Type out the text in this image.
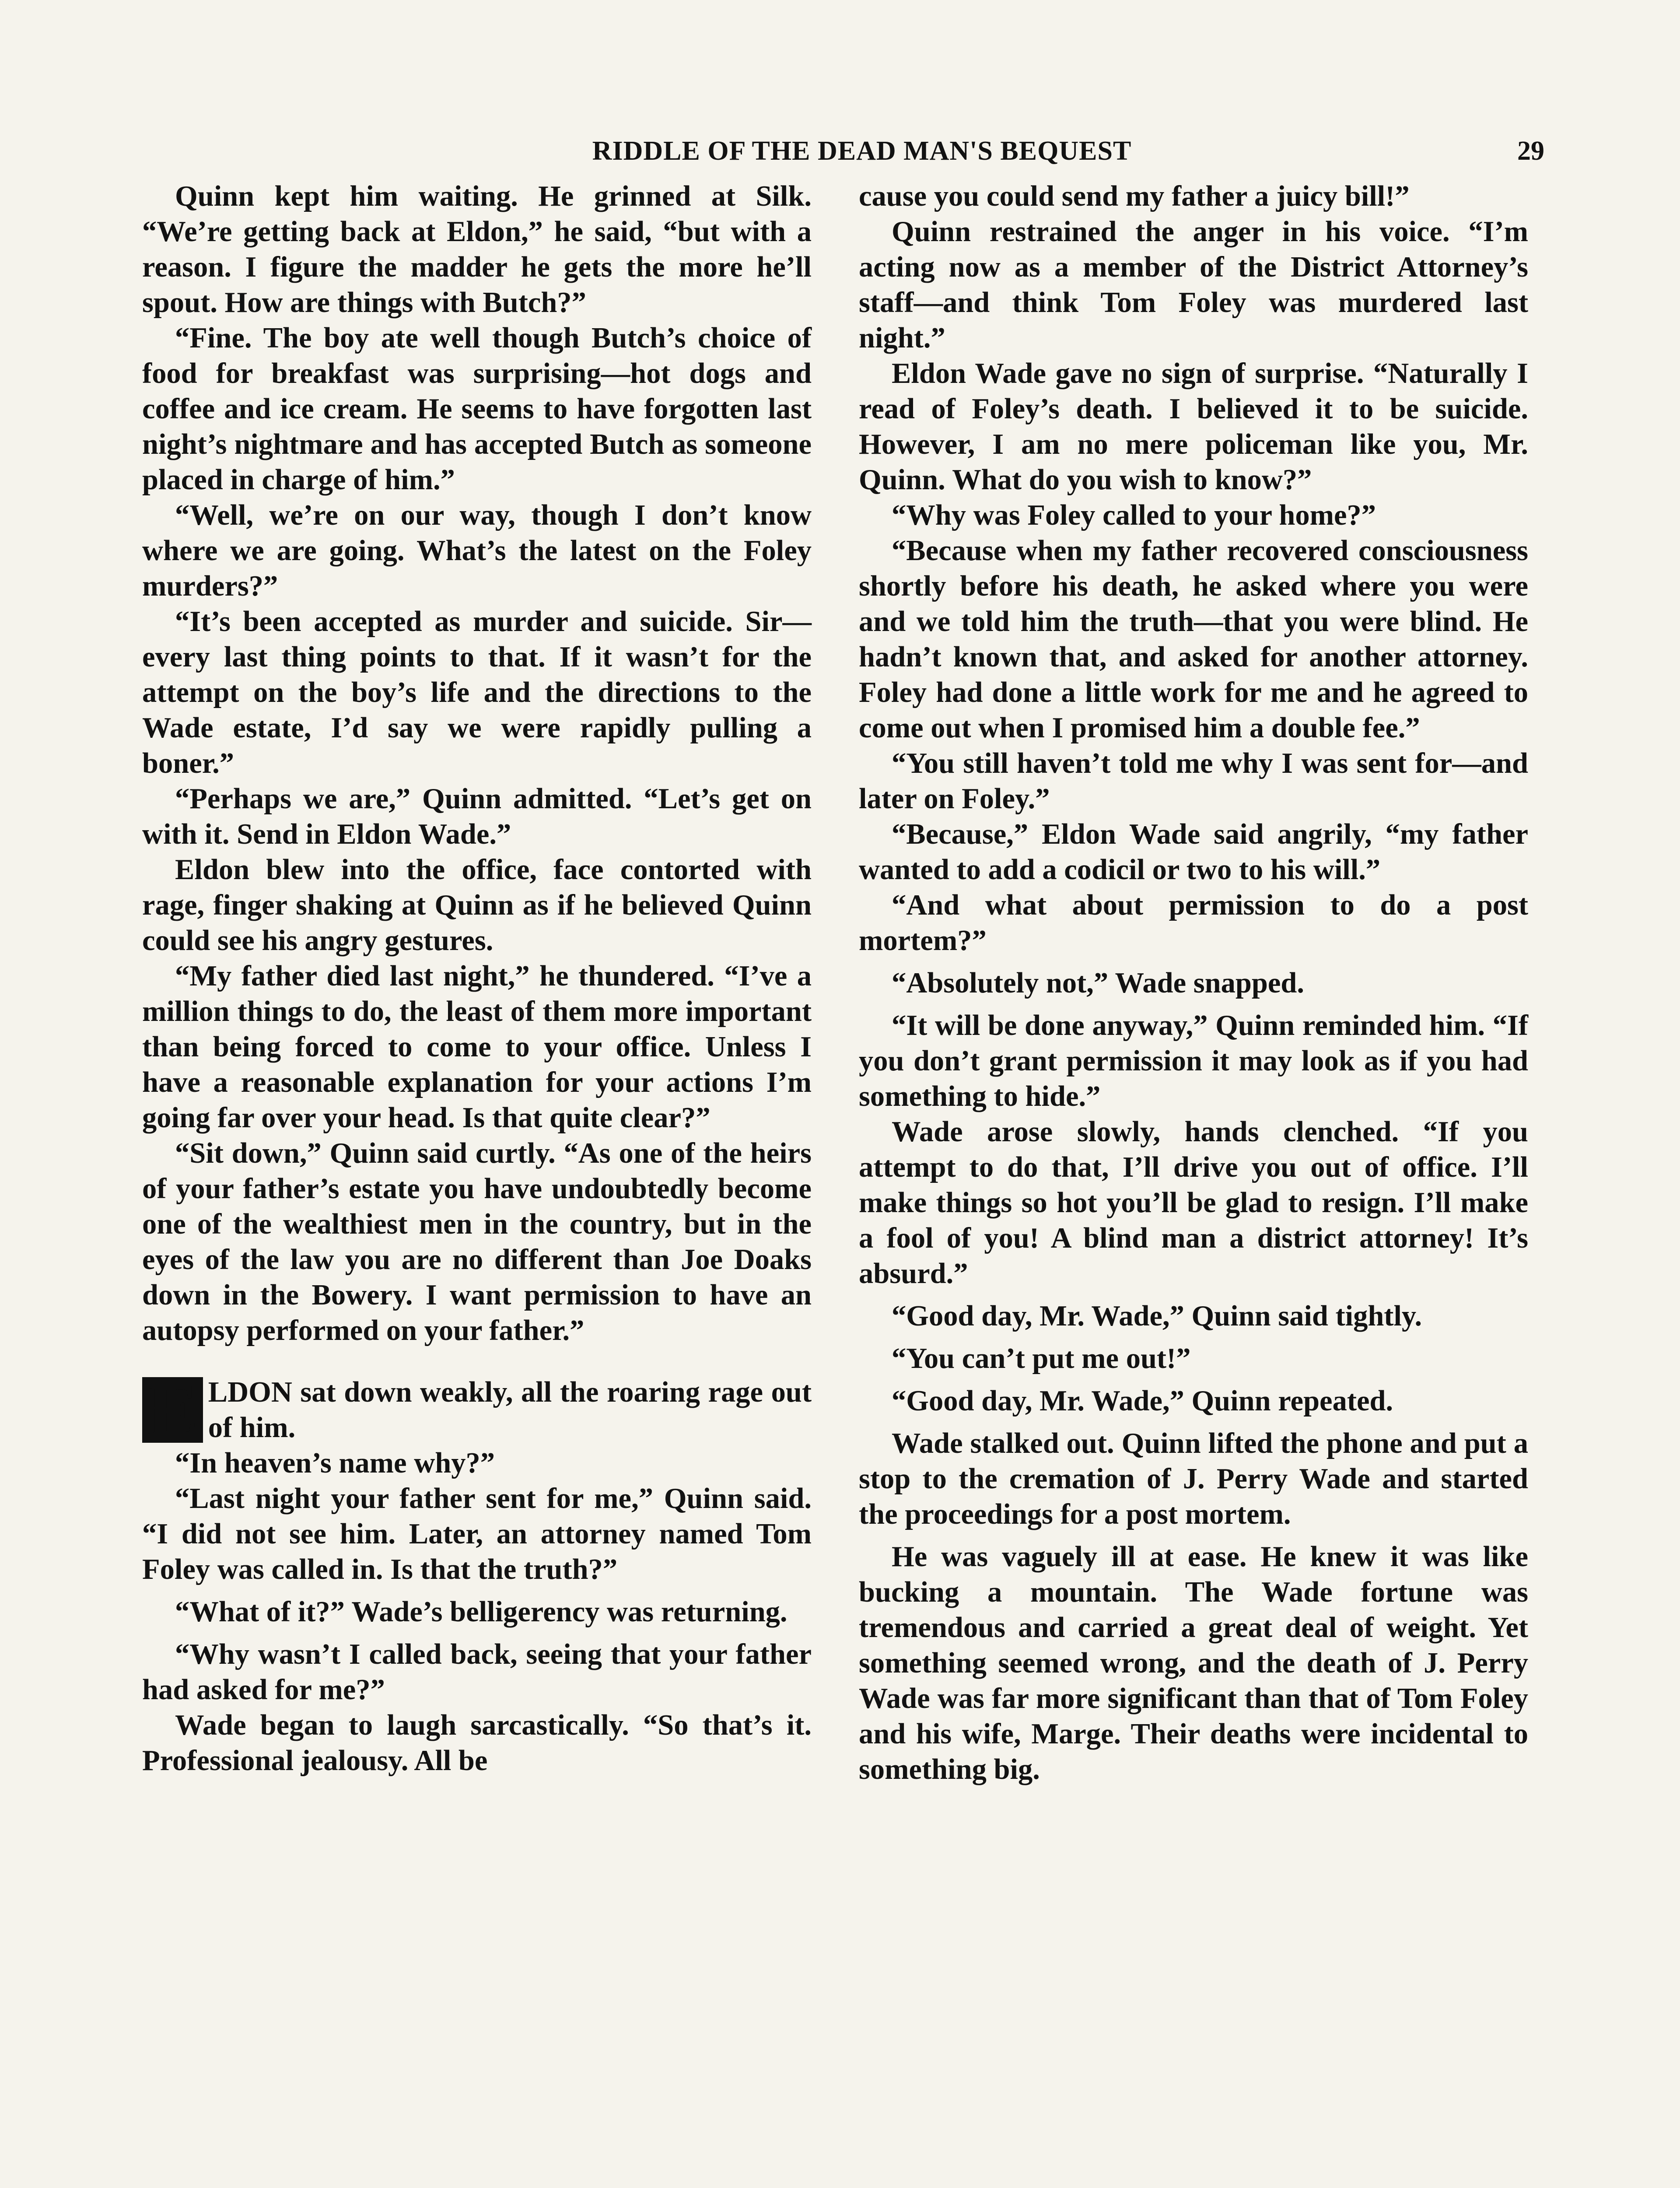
RIDDLE OF THE DEAD MAN'S BEQUEST	29

Quinn kept him waiting. He grinned at Silk. “We’re getting back at Eldon,” he said, “but with a reason. I figure the madder he gets the more he’ll spout. How are things with Butch?”

“Fine. The boy ate well though Butch’s choice of food for breakfast was surprising—hot dogs and coffee and ice cream. He seems to have forgotten last night’s nightmare and has accepted Butch as someone placed in charge of him.”

“Well, we’re on our way, though I don’t know where we are going. What’s the latest on the Foley murders?”

“It’s been accepted as murder and suicide. Sir—every last thing points to that. If it wasn’t for the attempt on the boy’s life and the directions to the Wade estate, I’d say we were rapidly pulling a boner.”

“Perhaps we are,” Quinn admitted. “Let’s get on with it. Send in Eldon Wade.”

Eldon blew into the office, face contorted with rage, finger shaking at Quinn as if he believed Quinn could see his angry gestures.

“My father died last night,” he thundered. “I’ve a million things to do, the least of them more important than being forced to come to your office. Unless I have a reasonable explanation for your actions I’m going far over your head. Is that quite clear?”

“Sit down,” Quinn said curtly. “As one of the heirs of your father’s estate you have undoubtedly become one of the wealthiest men in the country, but in the eyes of the law you are no different than Joe Doaks down in the Bowery. I want permission to have an autopsy performed on your father.”

ELDON sat down weakly, all the roaring rage out of him.

“In heaven’s name why?”

“Last night your father sent for me,” Quinn said. “I did not see him. Later, an attorney named Tom Foley was called in. Is that the truth?”

“What of it?” Wade’s belligerency was returning.

“Why wasn’t I called back, seeing that your father had asked for me?”

Wade began to laugh sarcastically. “So that’s it. Professional jealousy. All be

cause you could send my father a juicy bill!”

Quinn restrained the anger in his voice. “I’m acting now as a member of the District Attorney’s staff—and think Tom Foley was murdered last night.”

Eldon Wade gave no sign of surprise. “Naturally I read of Foley’s death. I believed it to be suicide. However, I am no mere policeman like you, Mr. Quinn. What do you wish to know?”

“Why was Foley called to your home?”

“Because when my father recovered consciousness shortly before his death, he asked where you were and we told him the truth—that you were blind. He hadn’t known that, and asked for another attorney. Foley had done a little work for me and he agreed to come out when I promised him a double fee.”

“You still haven’t told me why I was sent for—and later on Foley.”

“Because,” Eldon Wade said angrily, “my father wanted to add a codicil or two to his will.”

“And what about permission to do a post mortem?”

“Absolutely not,” Wade snapped.

“It will be done anyway,” Quinn reminded him. “If you don’t grant permission it may look as if you had something to hide.”

Wade arose slowly, hands clenched. “If you attempt to do that, I’ll drive you out of office. I’ll make things so hot you’ll be glad to resign. I’ll make a fool of you! A blind man a district attorney! It’s absurd.”

“Good day, Mr. Wade,” Quinn said tightly.

“You can’t put me out!”

“Good day, Mr. Wade,” Quinn repeated.

Wade stalked out. Quinn lifted the phone and put a stop to the cremation of J. Perry Wade and started the proceedings for a post mortem.

He was vaguely ill at ease. He knew it was like bucking a mountain. The Wade fortune was tremendous and carried a great deal of weight. Yet something seemed wrong, and the death of J. Perry Wade was far more significant than that of Tom Foley and his wife, Marge. Their deaths were incidental to something big.
